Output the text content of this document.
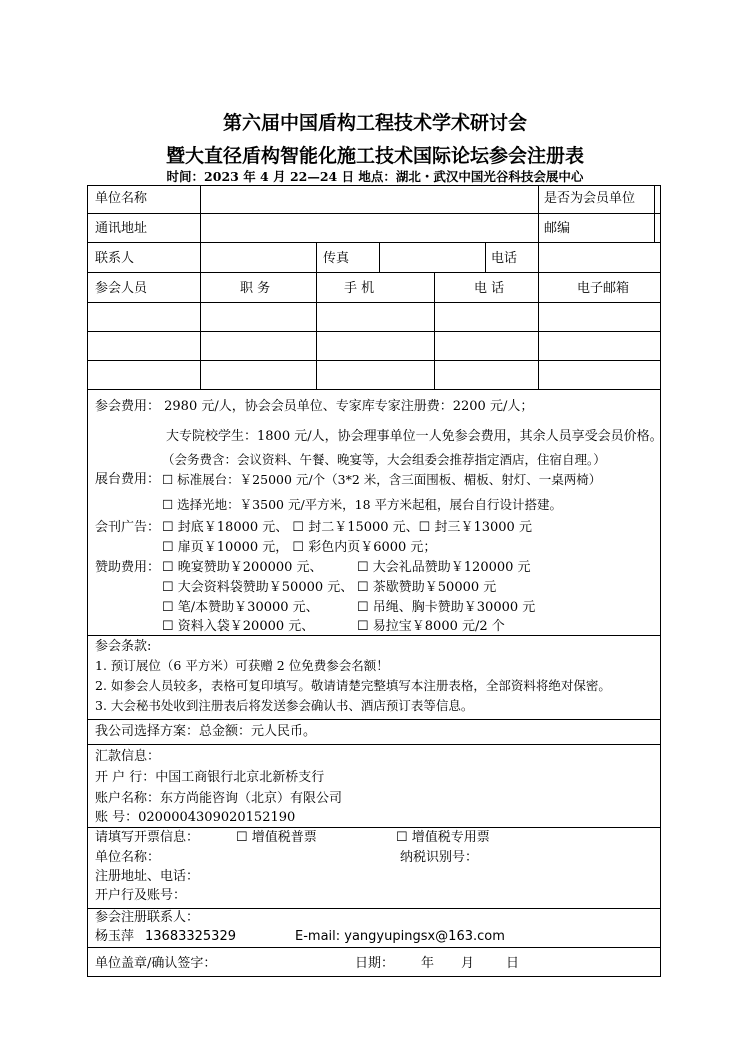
第六届中国盾构工程技术学术研讨会
暨大直径盾构智能化施工技术国际论坛参会注册表
时间：2023 年 4 月 22—24 日 地点：湖北・武汉中国光谷科技会展中心
单位名称	是否为会员单位
通讯地址	邮编
联系人	传真	电话
参会人员	职 务	手 机	电 话	电子邮箱
参会费用： 2980 元/人，协会会员单位、专家库专家注册费：2200 元/人；
大专院校学生：1800 元/人，协会理事单位一人免参会费用，其余人员享受会员价格。
（会务费含：会议资料、午餐、晚宴等，大会组委会推荐指定酒店，住宿自理。）
展台费用： ☐ 标准展台：￥25000 元/个（3*2 米，含三面围板、楣板、射灯、一桌两椅）
☐ 选择光地：￥3500 元/平方米，18 平方米起租，展台自行设计搭建。
会刊广告： ☐ 封底￥18000 元、 ☐ 封二￥15000 元、☐ 封三￥13000 元
☐ 扉页￥10000 元， ☐ 彩色内页￥6000 元；
赞助费用： ☐ 晚宴赞助￥200000 元、	☐ 大会礼品赞助￥120000 元
☐ 大会资料袋赞助￥50000 元、 ☐ 茶歇赞助￥50000 元
☐ 笔/本赞助￥30000 元、	☐ 吊绳、胸卡赞助￥30000 元
☐ 资料入袋￥20000 元、	☐ 易拉宝￥8000 元/2 个
参会条款:
1. 预订展位（6 平方米）可获赠 2 位免费参会名额！
2. 如参会人员较多，表格可复印填写。敬请请楚完整填写本注册表格，全部资料将绝对保密。
3. 大会秘书处收到注册表后将发送参会确认书、酒店预订表等信息。
我公司选择方案：总金额：元人民币。
汇款信息：
开 户 行：中国工商银行北京北新桥支行
账户名称：东方尚能咨询（北京）有限公司
账 号：0200004309020152190
请填写开票信息：	☐ 增值税普票	☐ 增值税专用票
单位名称：	纳税识别号：
注册地址、电话：
开户行及账号：
参会注册联系人：
杨玉萍 13683325329	E-mail: yangyupingsx@163.com
单位盖章/确认签字：	日期： 年 月 日
